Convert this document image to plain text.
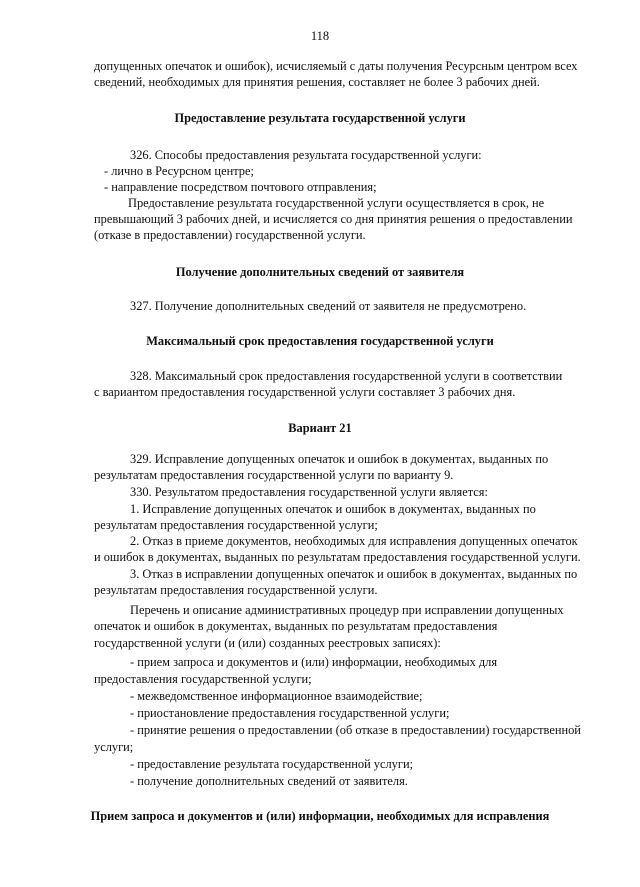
118
допущенных опечаток и ошибок), исчисляемый с даты получения Ресурсным центром всех
сведений, необходимых для принятия решения, составляет не более 3 рабочих дней.
Предоставление результата государственной услуги
326. Способы предоставления результата государственной услуги:
- лично в Ресурсном центре;
- направление посредством почтового отправления;
Предоставление результата государственной услуги осуществляется в срок, не
превышающий 3 рабочих дней, и исчисляется со дня принятия решения о предоставлении
(отказе в предоставлении) государственной услуги.
Получение дополнительных сведений от заявителя
327. Получение дополнительных сведений от заявителя не предусмотрено.
Максимальный срок предоставления государственной услуги
328. Максимальный срок предоставления государственной услуги в соответствии
с вариантом предоставления государственной услуги составляет 3 рабочих дня.
Вариант 21
329. Исправление допущенных опечаток и ошибок в документах, выданных по
результатам предоставления государственной услуги по варианту 9.
330. Результатом предоставления государственной услуги является:
1. Исправление допущенных опечаток и ошибок в документах, выданных по
результатам предоставления государственной услуги;
2. Отказ в приеме документов, необходимых для исправления допущенных опечаток
и ошибок в документах, выданных по результатам предоставления государственной услуги.
3. Отказ в исправлении допущенных опечаток и ошибок в документах, выданных по
результатам предоставления государственной услуги.
Перечень и описание административных процедур при исправлении допущенных
опечаток и ошибок в документах, выданных по результатам предоставления
государственной услуги (и (или) созданных реестровых записях):
- прием запроса и документов и (или) информации, необходимых для
предоставления государственной услуги;
- межведомственное информационное взаимодействие;
- приостановление предоставления государственной услуги;
- принятие решения о предоставлении (об отказе в предоставлении) государственной
услуги;
- предоставление результата государственной услуги;
- получение дополнительных сведений от заявителя.
Прием запроса и документов и (или) информации, необходимых для исправления
